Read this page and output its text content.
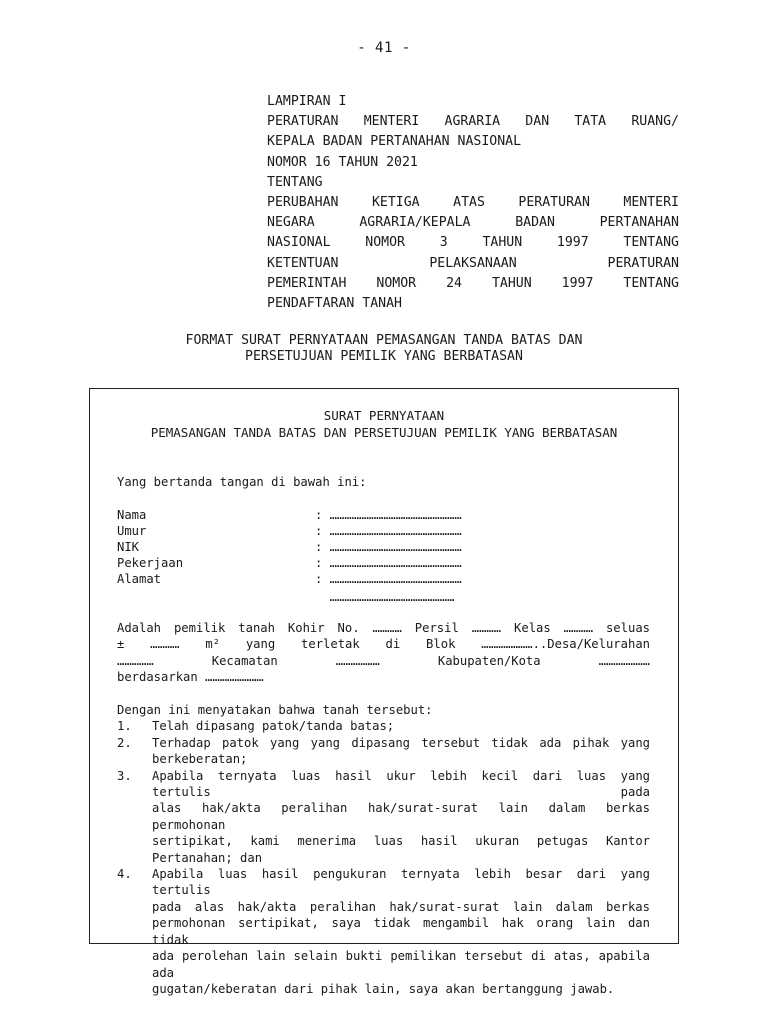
- 41 -
LAMPIRAN I
PERATURAN MENTERI AGRARIA DAN TATA RUANG/
KEPALA BADAN PERTANAHAN NASIONAL
NOMOR 16 TAHUN 2021
TENTANG
PERUBAHAN KETIGA ATAS PERATURAN MENTERI
NEGARA AGRARIA/KEPALA BADAN PERTANAHAN
NASIONAL NOMOR 3 TAHUN 1997 TENTANG
KETENTUAN PELAKSANAAN PERATURAN
PEMERINTAH NOMOR 24 TAHUN 1997 TENTANG
PENDAFTARAN TANAH
FORMAT SURAT PERNYATAAN PEMASANGAN TANDA BATAS DAN
PERSETUJUAN PEMILIK YANG BERBATASAN
SURAT PERNYATAAN
PEMASANGAN TANDA BATAS DAN PERSETUJUAN PEMILIK YANG BERBATASAN
Yang bertanda tangan di bawah ini:
Nama	: ………………………………………………
Umur	: ………………………………………………
NIK	: ………………………………………………
Pekerjaan	: ………………………………………………
Alamat	: ………………………………………………
……………………………………………
Adalah pemilik tanah Kohir No. ………… Persil ………… Kelas ………… seluas
± ………… m² yang terletak di Blok …………………..Desa/Kelurahan
…………… Kecamatan ……………… Kabupaten/Kota …………………
berdasarkan ……………………
Dengan ini menyatakan bahwa tanah tersebut:
1.	Telah dipasang patok/tanda batas;
2.	Terhadap patok yang yang dipasang tersebut tidak ada pihak yang
berkeberatan;
3.	Apabila ternyata luas hasil ukur lebih kecil dari luas yang tertulis pada
alas hak/akta peralihan hak/surat-surat lain dalam berkas permohonan
sertipikat, kami menerima luas hasil ukuran petugas Kantor
Pertanahan; dan
4.	Apabila luas hasil pengukuran ternyata lebih besar dari yang tertulis
pada alas hak/akta peralihan hak/surat-surat lain dalam berkas
permohonan sertipikat, saya tidak mengambil hak orang lain dan tidak
ada perolehan lain selain bukti pemilikan tersebut di atas, apabila ada
gugatan/keberatan dari pihak lain, saya akan bertanggung jawab.
